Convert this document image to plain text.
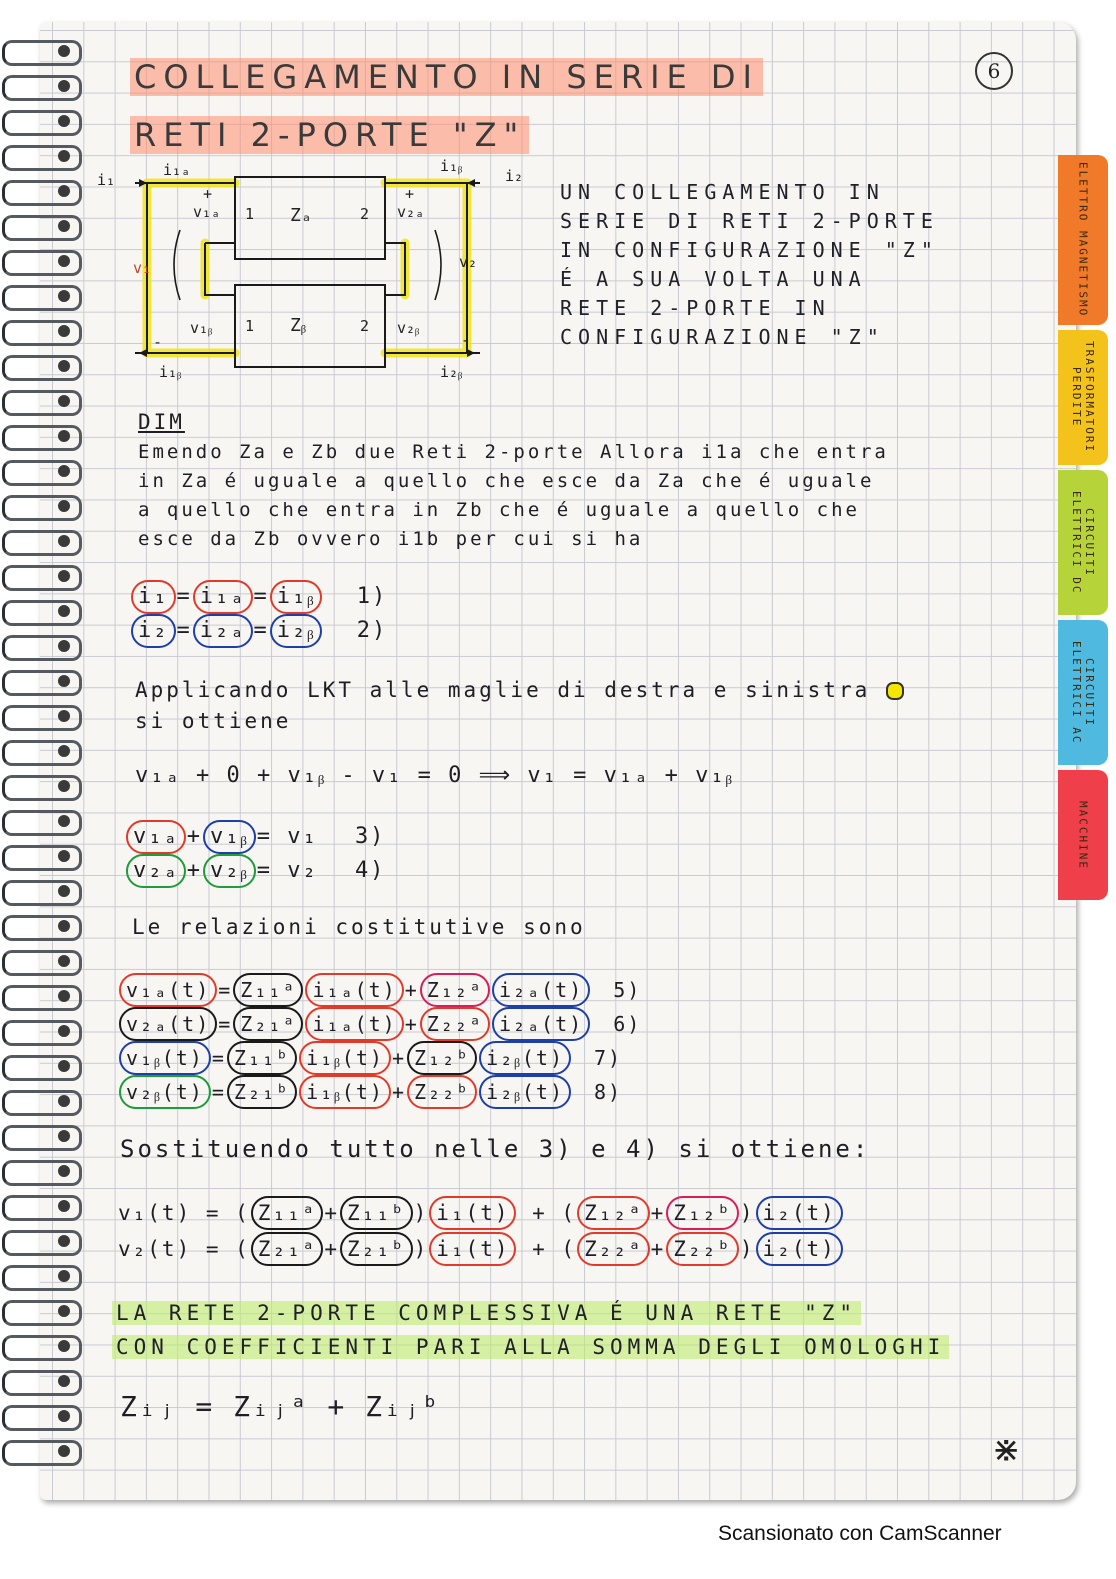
ELETTRO MAGNETISMO
TRASFORMATORI PERDITE
CIRCUITI ELETTRICI DC
CIRCUITI ELETTRICI AC
MACCHINE
6
COLLEGAMENTO IN SERIE DI
RETI 2-PORTE "Z"
i₁
i₁ₐ	i₂
i₁ᵦ
i₁ᵦ	i₂ᵦ
v₁	v₂
v₁ₐ	v₂ₐ
v₁ᵦ	v₂ᵦ
Zₐ
Zᵦ
1	2
1	2
+	+
-	-
UN COLLEGAMENTO IN
SERIE DI RETI 2-PORTE
IN CONFIGURAZIONE "Z"
É A SUA VOLTA UNA
RETE 2-PORTE IN
CONFIGURAZIONE "Z"
DIM
Emendo Za e Zb due Reti 2-porte Allora i1a che entra
in Za é uguale a quello che esce da Za che é uguale
a quello che entra in Zb che é uguale a quello che
esce da Zb ovvero i1b per cui si ha
i₁ = i₁ₐ = i₁ᵦ 1)
i₂ = i₂ₐ = i₂ᵦ 2)
Applicando LKT alle maglie di destra e sinistra
si ottiene
v₁ₐ + 0 + v₁ᵦ - v₁ = 0 ⟹ v₁ = v₁ₐ + v₁ᵦ
v₁ₐ + v₁ᵦ = v₁ 3)
v₂ₐ + v₂ᵦ = v₂ 4)
Le relazioni costitutive sono
v₁ₐ(t) = Z₁₁ᵃ i₁ₐ(t) + Z₁₂ᵃ i₂ₐ(t) 5)
v₂ₐ(t) = Z₂₁ᵃ i₁ₐ(t) + Z₂₂ᵃ i₂ₐ(t) 6)
v₁ᵦ(t) = Z₁₁ᵇ i₁ᵦ(t) + Z₁₂ᵇ i₂ᵦ(t) 7)
v₂ᵦ(t) = Z₂₁ᵇ i₁ᵦ(t) + Z₂₂ᵇ i₂ᵦ(t) 8)
Sostituendo tutto nelle 3) e 4) si ottiene:
v₁(t) = ( Z₁₁ᵃ + Z₁₁ᵇ ) i₁(t) + ( Z₁₂ᵃ + Z₁₂ᵇ ) i₂(t)
v₂(t) = ( Z₂₁ᵃ + Z₂₁ᵇ ) i₁(t) + ( Z₂₂ᵃ + Z₂₂ᵇ ) i₂(t)
LA RETE 2-PORTE COMPLESSIVA É UNA RETE "Z"
CON COEFFICIENTI PARI ALLA SOMMA DEGLI OMOLOGHI
Zᵢⱼ = Zᵢⱼᵃ + Zᵢⱼᵇ
⋇
Scansionato con CamScanner
